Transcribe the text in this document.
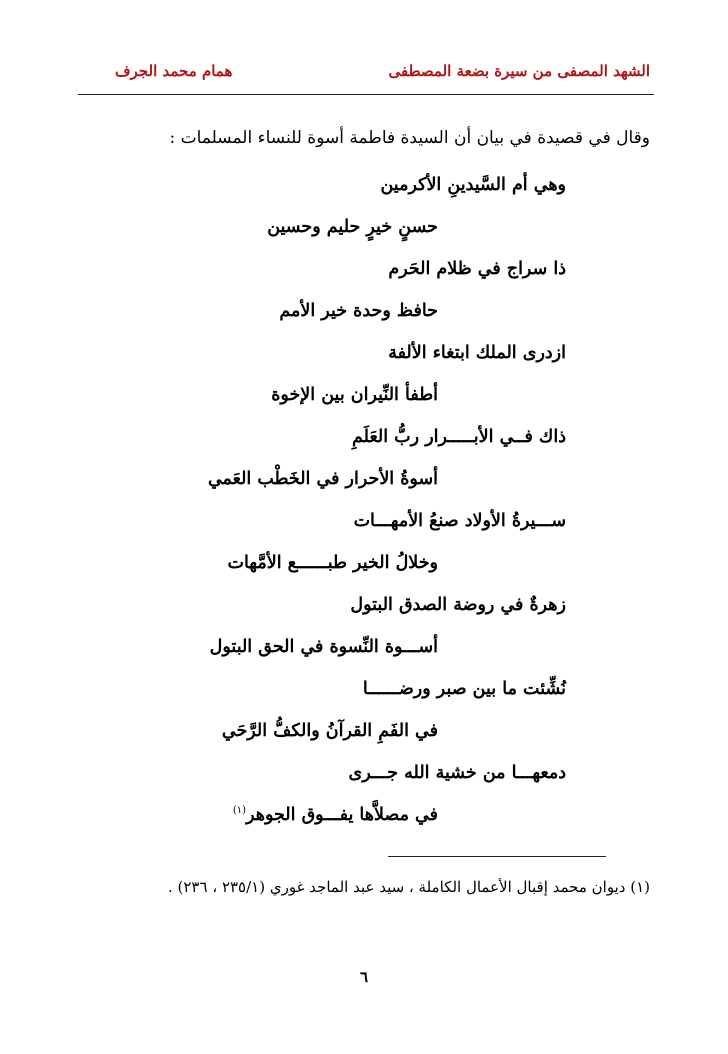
الشهد المصفى من سيرة بضعة المصطفى
همام محمد الجرف
وقال في قصيدة في بيان أن السيدة فاطمة أسوة للنساء المسلمات :
وهي أم السَّيدينِ الأكرمين
حسنٍ خيرٍ حليم وحسين
ذا سراج في ظلام الحَرم
حافظ وحدة خير الأمم
ازدرى الملك ابتغاء الألفة
أطفأ النِّيران بين الإخوة
ذاك فــي الأبـــــرار ربُّ العَلَمِ
أسوةُ الأحرار في الخَطْب العَمي
ســـيرةُ الأولاد صنعُ الأمهـــات
وخلالُ الخير طبــــــع الأمَّهات
زهرةٌ في روضة الصدق البتول
أســـوة النِّسوة في الحق البتول
نُشِّئت ما بين صبر ورضــــــا
في الفَمِ القرآنُ والكفُّ الرَّحَي
دمعهـــا من خشية الله جـــرى
في مصلاَّها يفـــوق الجوهر$^{(١)}$
(١) ديوان محمد إقبال الأعمال الكاملة ، سيد عبد الماجد غوري (٢٣٥/١ ، ٢٣٦) .
٦
